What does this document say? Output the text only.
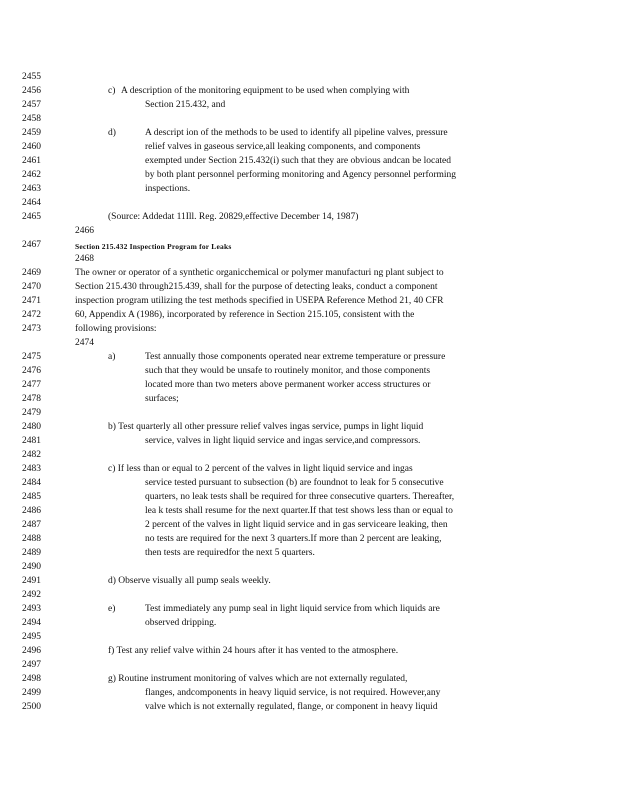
2455
2456
2457
2458
2459
2460
2461
2462
2463
2464
2465
2466
2467
2468
2469
2470
2471
2472
2473
2474
2475
2476
2477
2478
2479
2480
2481
2482
2483
2484
2485
2486
2487
2488
2489
2490
2491
2492
2493
2494
2495
2496
2497
2498
2499
2500
c) A description of the monitoring equipment to be used when complying with
Section 215.432, and
d)	A descript ion of the methods to be used to identify all pipeline valves, pressure
relief valves in gaseous service,all leaking components, and components
exempted under Section 215.432(i) such that they are obvious andcan be located
by both plant personnel performing monitoring and Agency personnel performing
inspections.
(Source: Addedat 11Ill. Reg. 20829,effective December 14, 1987)
Section 215.432 Inspection Program for Leaks
The owner or operator of a synthetic organicchemical or polymer manufacturi ng plant subject to
Section 215.430 through215.439, shall for the purpose of detecting leaks, conduct a component
inspection program utilizing the test methods specified in USEPA Reference Method 21, 40 CFR
60, Appendix A (1986), incorporated by reference in Section 215.105, consistent with the
following provisions:
a)	Test annually those components operated near extreme temperature or pressure
such that they would be unsafe to routinely monitor, and those components
located more than two meters above permanent worker access structures or
surfaces;
b) Test quarterly all other pressure relief valves ingas service, pumps in light liquid
service, valves in light liquid service and ingas service,and compressors.
c) If less than or equal to 2 percent of the valves in light liquid service and ingas
service tested pursuant to subsection (b) are foundnot to leak for 5 consecutive
quarters, no leak tests shall be required for three consecutive quarters. Thereafter,
lea k tests shall resume for the next quarter.If that test shows less than or equal to
2 percent of the valves in light liquid service and in gas serviceare leaking, then
no tests are required for the next 3 quarters.If more than 2 percent are leaking,
then tests are requiredfor the next 5 quarters.
d) Observe visually all pump seals weekly.
e)	Test immediately any pump seal in light liquid service from which liquids are
observed dripping.
f) Test any relief valve within 24 hours after it has vented to the atmosphere.
g) Routine instrument monitoring of valves which are not externally regulated,
flanges, andcomponents in heavy liquid service, is not required. However,any
valve which is not externally regulated, flange, or component in heavy liquid
